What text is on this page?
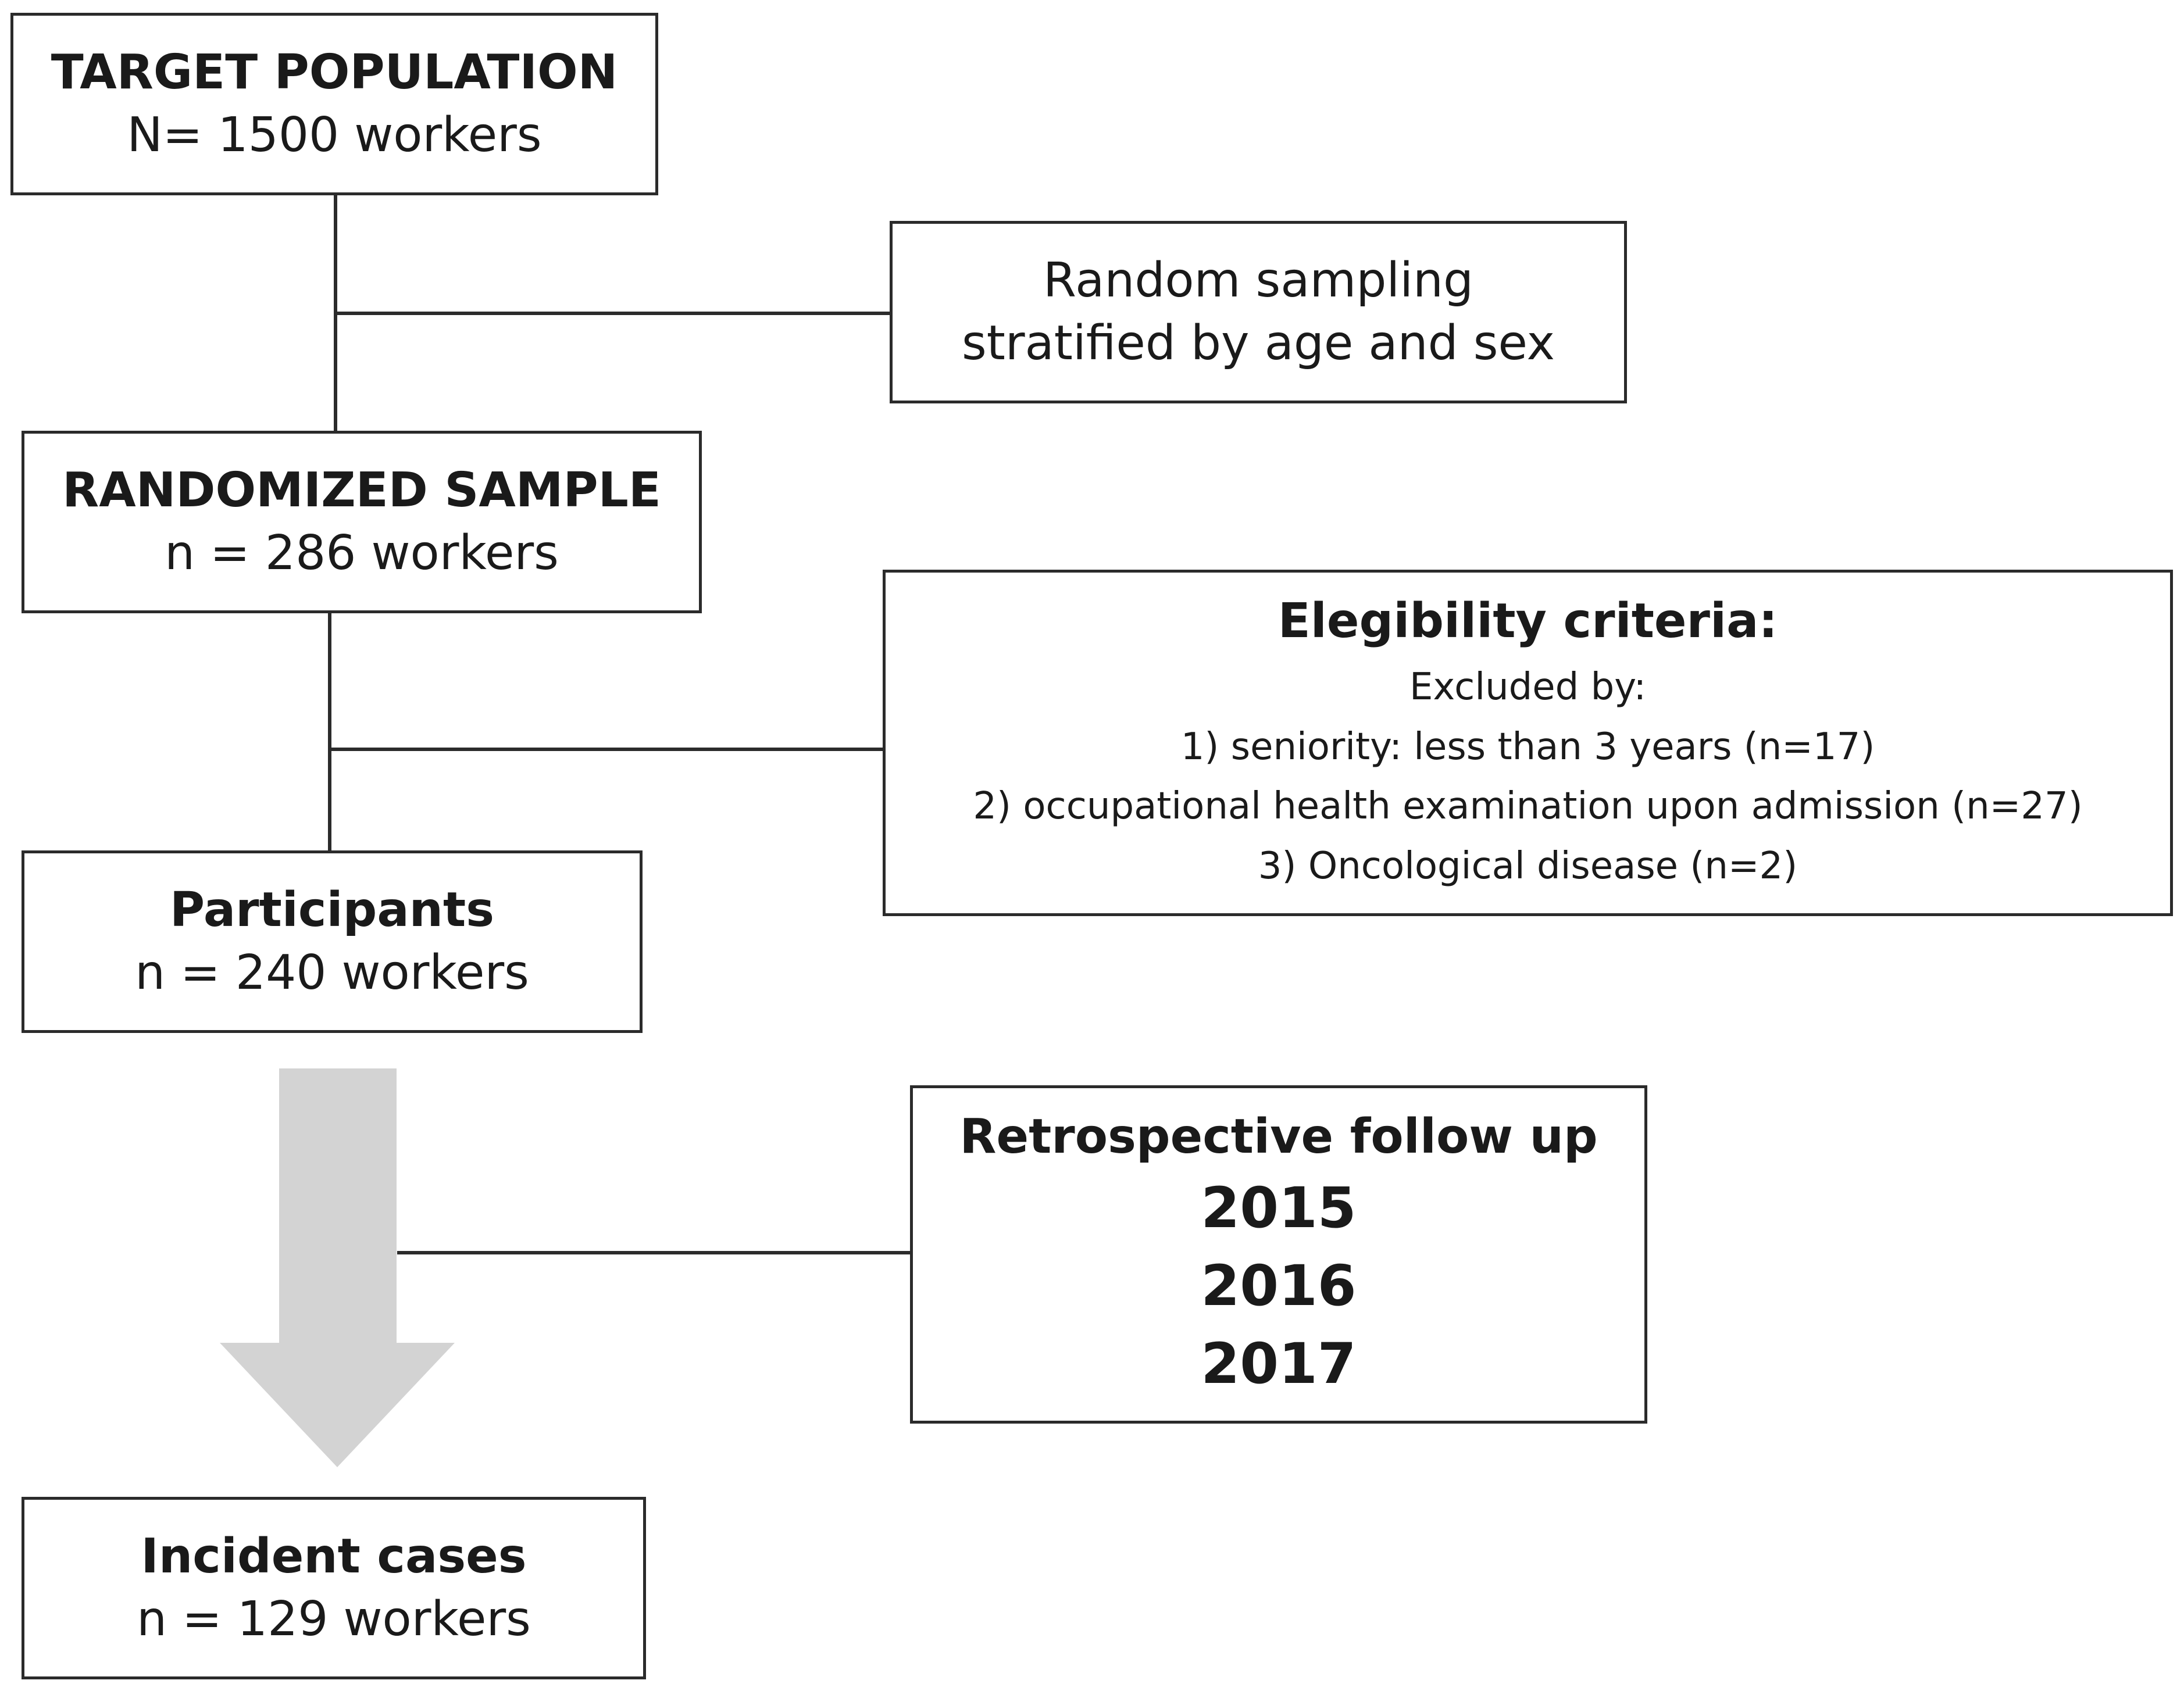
TARGET POPULATION
N= 1500 workers
Random sampling
stratified by age and sex
RANDOMIZED SAMPLE
n = 286 workers
Elegibility criteria:
Excluded by:
1) seniority: less than 3 years (n=17)
2) occupational health examination upon admission (n=27)
3) Oncological disease (n=2)
Participants
n = 240 workers
Retrospective follow up
2015
2016
2017
Incident cases
n = 129 workers
